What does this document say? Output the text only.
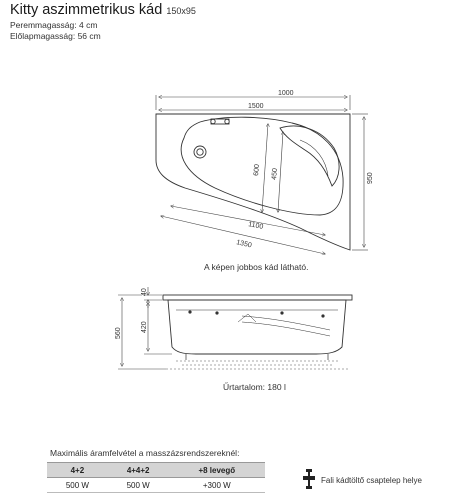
Kitty aszimmetrikus kád 150x95
Peremmagasság: 4 cm
Előlapmagasság: 56 cm
1000
1500
950
600 450
1100
1350
40
420
560
A képen jobbos kád látható.
Űrtartalom: 180 l
Maximális áramfelvétel a masszázsrendszereknél:
4+2	4+4+2	+8 levegő
500 W	500 W	+300 W	Fali kádtöltő csaptelep helye
